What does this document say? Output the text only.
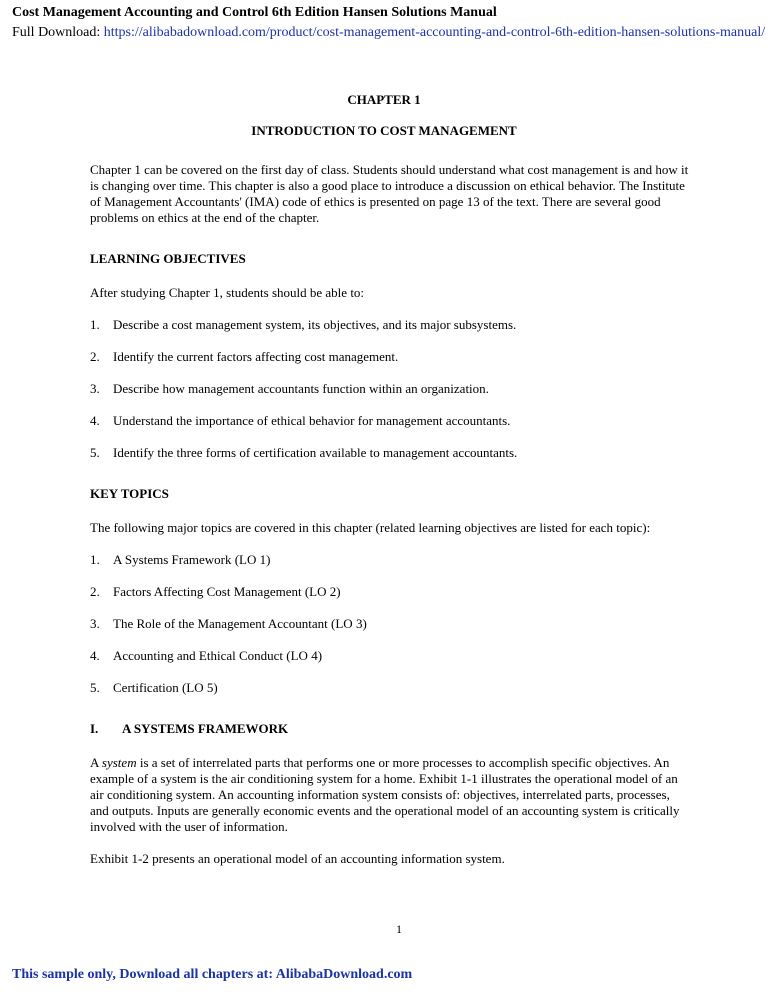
Cost Management Accounting and Control 6th Edition Hansen Solutions Manual
Full Download: https://alibabadownload.com/product/cost-management-accounting-and-control-6th-edition-hansen-solutions-manual/
CHAPTER 1
INTRODUCTION TO COST MANAGEMENT

Chapter 1 can be covered on the first day of class. Students should understand what cost management is and how it is changing over time. This chapter is also a good place to introduce a discussion on ethical behavior. The Institute of Management Accountants' (IMA) code of ethics is presented on page 13 of the text. There are several good problems on ethics at the end of the chapter.

LEARNING OBJECTIVES

After studying Chapter 1, students should be able to:

1.	Describe a cost management system, its objectives, and its major subsystems.
2.	Identify the current factors affecting cost management.
3.	Describe how management accountants function within an organization.
4.	Understand the importance of ethical behavior for management accountants.
5.	Identify the three forms of certification available to management accountants.

KEY TOPICS

The following major topics are covered in this chapter (related learning objectives are listed for each topic):

1.	A Systems Framework (LO 1)
2.	Factors Affecting Cost Management (LO 2)
3.	The Role of the Management Accountant (LO 3)
4.	Accounting and Ethical Conduct (LO 4)
5.	Certification (LO 5)
I.	A SYSTEMS FRAMEWORK

A system is a set of interrelated parts that performs one or more processes to accomplish specific objectives. An example of a system is the air conditioning system for a home. Exhibit 1-1 illustrates the operational model of an air conditioning system. An accounting information system consists of: objectives, interrelated parts, processes, and outputs. Inputs are generally economic events and the operational model of an accounting system is critically involved with the user of information.

Exhibit 1-2 presents an operational model of an accounting information system.

1
This sample only, Download all chapters at: AlibabaDownload.com
